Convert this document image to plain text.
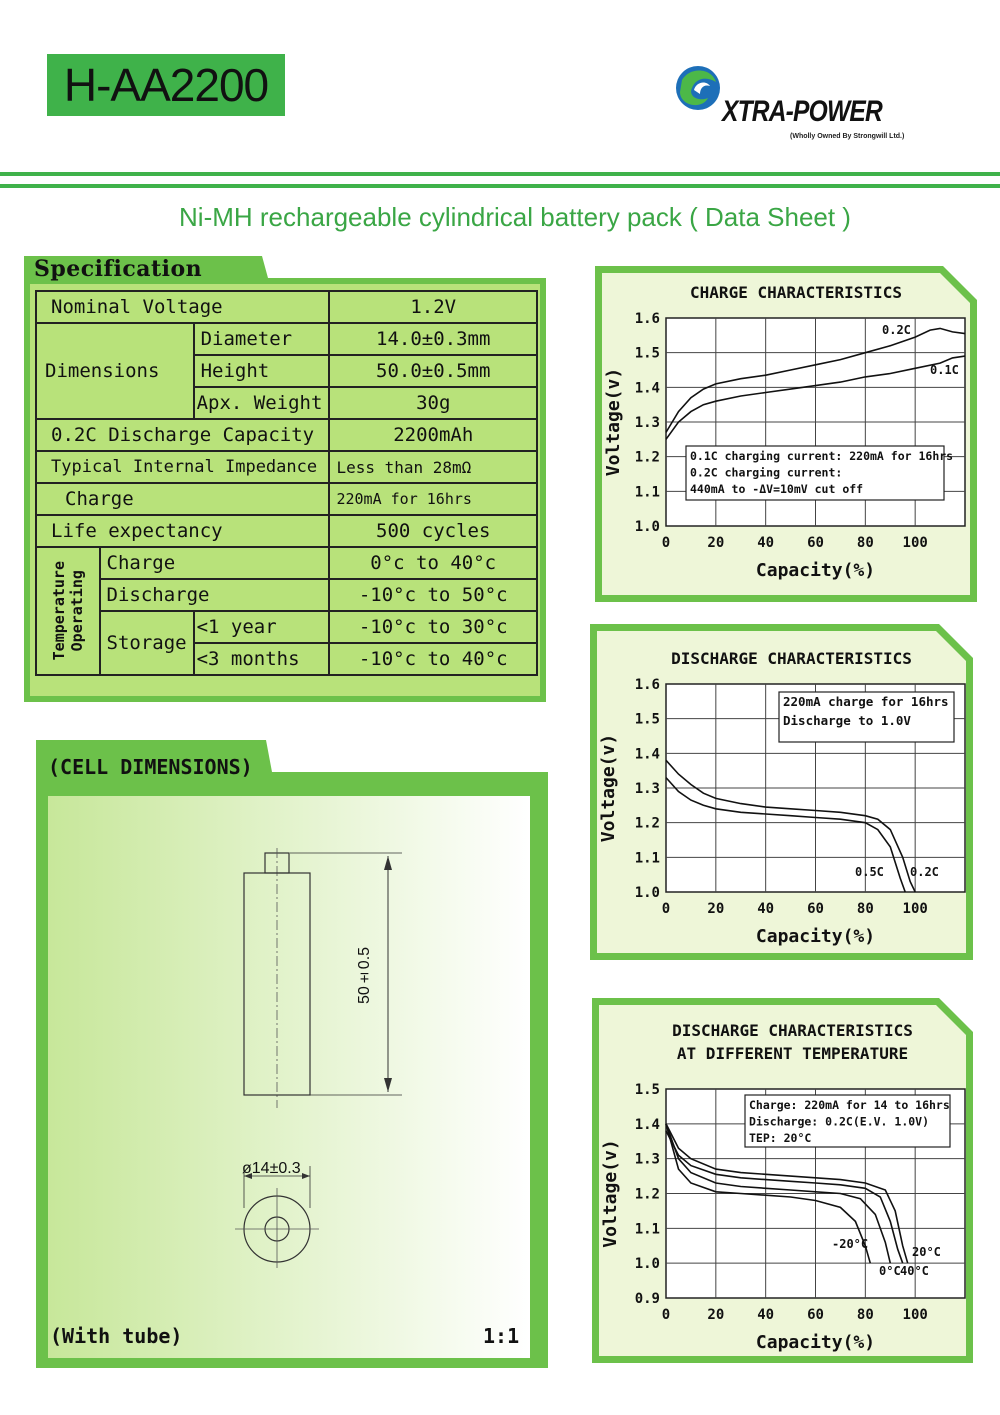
H-AA2200
XTRA-POWER
(Wholly Owned By Strongwill Ltd.)
Ni-MH rechargeable cylindrical battery pack ( Data Sheet )
Specification
Nominal Voltage			1.2V
Dimensions		Diameter	14.0±0.3mm
		Height	50.0±0.5mm
		Apx. Weight	30g
0.2C Discharge Capacity			2200mAh
Typical Internal Impedance			Less than 28mΩ
Charge			220mA for 16hrs
Life expectancy			500 cycles

Temperature Operating	Charge		0°c to 40°c
	Discharge		-10°c to 50°c
	Storage	<1 year	-10°c to 30°c
		<3 months	-10°c to 40°c
(CELL DIMENSIONS)
50±0.5
ø14±0.3
(With tube)	1:1
CHARGE CHARACTERISTICS
0	20 40 60 80 100
1.0
1.1
1.2
1.3
1.4
1.5
1.6
Capacity(%)
Voltage(v)
0.2C
0.1C
0.1C charging current: 220mA for 16hrs
0.2C charging current:
440mA to -ΔV=10mV cut off
DISCHARGE CHARACTERISTICS
0	20 40 60 80 100
1.0
1.1
1.2
1.3
1.4
1.5
1.6
Capacity(%)
Voltage(v)
0.2C
0.5C
220mA charge for 16hrs
Discharge to 1.0V
DISCHARGE CHARACTERISTICS
AT DIFFERENT TEMPERATURE
0	20 40 60 80 100
0.9
1.0
1.1
1.2
1.3
1.4
1.5
Capacity(%)
Voltage(v)
20°C
40°C
0°C
-20°C
Charge: 220mA for 14 to 16hrs
Discharge: 0.2C(E.V. 1.0V)
TEP: 20°C
